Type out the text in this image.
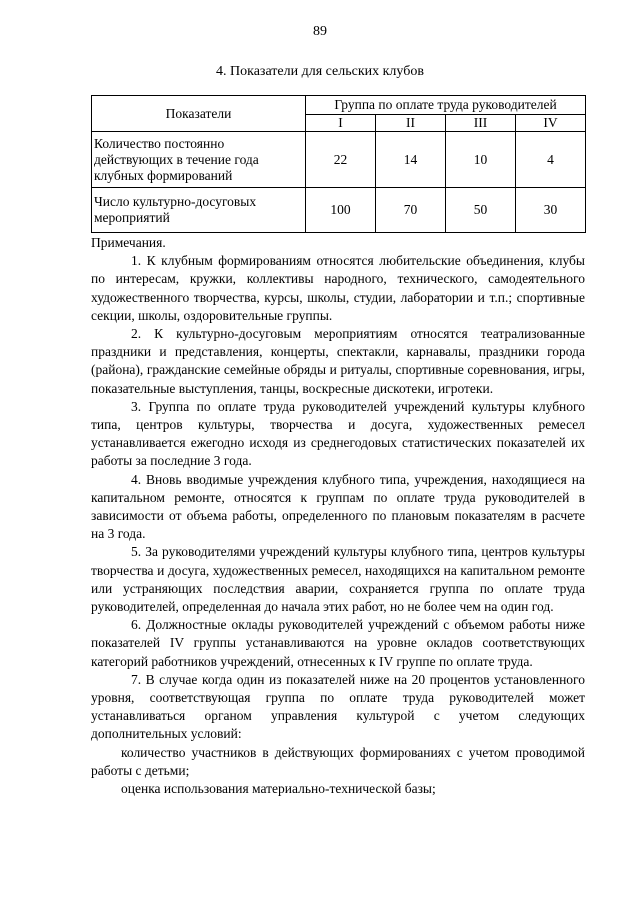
89
4. Показатели для сельских клубов
Показатели	Группа по оплате труда руководителей			
	I	II	III	IV
Количество постоянно действующих в течение года клубных формирований	22	14	10	4
Число культурно-досуговых мероприятий	100	70	50	30

Примечания.

1. К клубным формированиям относятся любительские объединения, клубы по интересам, кружки, коллективы народного, технического, самодеятельного художественного творчества, курсы, школы, студии, лаборатории и т.п.; спортивные секции, школы, оздоровительные группы.

2. К культурно-досуговым мероприятиям относятся театрализованные праздники и представления, концерты, спектакли, карнавалы, праздники города (района), гражданские семейные обряды и ритуалы, спортивные соревнования, игры, показательные выступления, танцы, воскресные дискотеки, игротеки.

3. Группа по оплате труда руководителей учреждений культуры клубного типа, центров культуры, творчества и досуга, художественных ремесел устанавливается ежегодно исходя из среднегодовых статистических показателей их работы за последние 3 года.

4. Вновь вводимые учреждения клубного типа, учреждения, находящиеся на капитальном ремонте, относятся к группам по оплате труда руководителей в зависимости от объема работы, определенного по плановым показателям в расчете на 3 года.

5. За руководителями учреждений культуры клубного типа, центров культуры творчества и досуга, художественных ремесел, находящихся на капитальном ремонте или устраняющих последствия аварии, сохраняется группа по оплате труда руководителей, определенная до начала этих работ, но не более чем на один год.

6. Должностные оклады руководителей учреждений с объемом работы ниже показателей IV группы устанавливаются на уровне окладов соответствующих категорий работников учреждений, отнесенных к IV группе по оплате труда.

7. В случае когда один из показателей ниже на 20 процентов установленного уровня, соответствующая группа по оплате труда руководителей может устанавливаться органом управления культурой с учетом следующих дополнительных условий:

количество участников в действующих формированиях с учетом проводимой работы с детьми;

оценка использования материально-технической базы;
